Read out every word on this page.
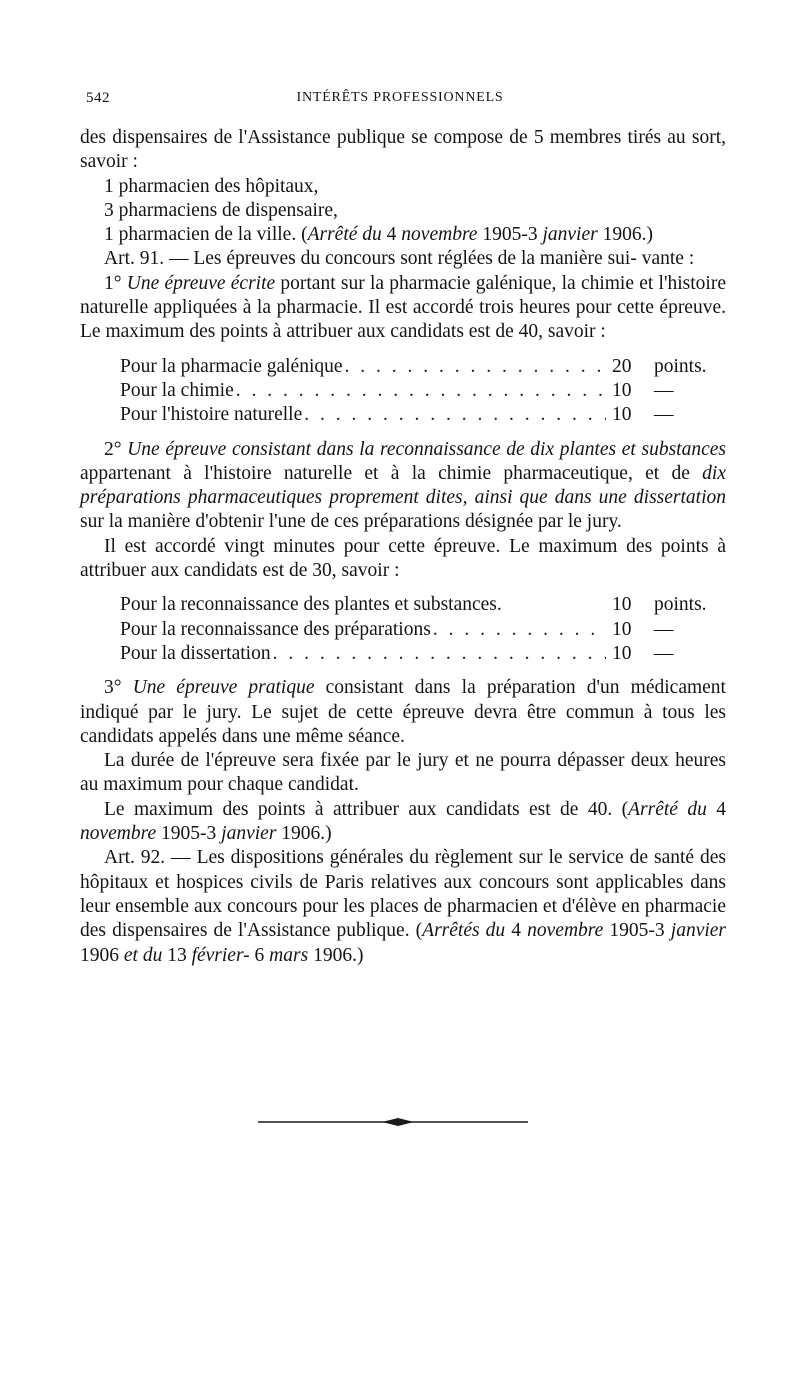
542	INTÉRÊTS PROFESSIONNELS

des dispensaires de l'Assistance publique se compose de 5 membres tirés au sort, savoir :

1 pharmacien des hôpitaux,
3 pharmaciens de dispensaire,
1 pharmacien de la ville. (Arrêté du 4 novembre 1905-3 janvier 1906.)

Art. 91. — Les épreuves du concours sont réglées de la manière sui- vante :

1° Une épreuve écrite portant sur la pharmacie galénique, la chimie et l'histoire naturelle appliquées à la pharmacie. Il est accordé trois heures pour cette épreuve. Le maximum des points à attribuer aux candidats est de 40, savoir :

Pour la pharmacie galénique . . .	20	points.
Pour la chimie . . .	10	—
Pour l'histoire naturelle . . .	10	—

2° Une épreuve consistant dans la reconnaissance de dix plantes et substances appartenant à l'histoire naturelle et à la chimie pharmaceutique, et de dix préparations pharmaceutiques proprement dites, ainsi que dans une dissertation sur la manière d'obtenir l'une de ces préparations désignée par le jury.

Il est accordé vingt minutes pour cette épreuve. Le maximum des points à attribuer aux candidats est de 30, savoir :

Pour la reconnaissance des plantes et substances.	10	points.
Pour la reconnaissance des préparations . . .	10	—
Pour la dissertation . . .	10	—

3° Une épreuve pratique consistant dans la préparation d'un médicament indiqué par le jury. Le sujet de cette épreuve devra être commun à tous les candidats appelés dans une même séance.

La durée de l'épreuve sera fixée par le jury et ne pourra dépasser deux heures au maximum pour chaque candidat.

Le maximum des points à attribuer aux candidats est de 40. (Arrêté du 4 novembre 1905-3 janvier 1906.)

Art. 92. — Les dispositions générales du règlement sur le service de santé des hôpitaux et hospices civils de Paris relatives aux concours sont applicables dans leur ensemble aux concours pour les places de pharmacien et d'élève en pharmacie des dispensaires de l'Assistance publique. (Arrêtés du 4 novembre 1905-3 janvier 1906 et du 13 février- 6 mars 1906.)
